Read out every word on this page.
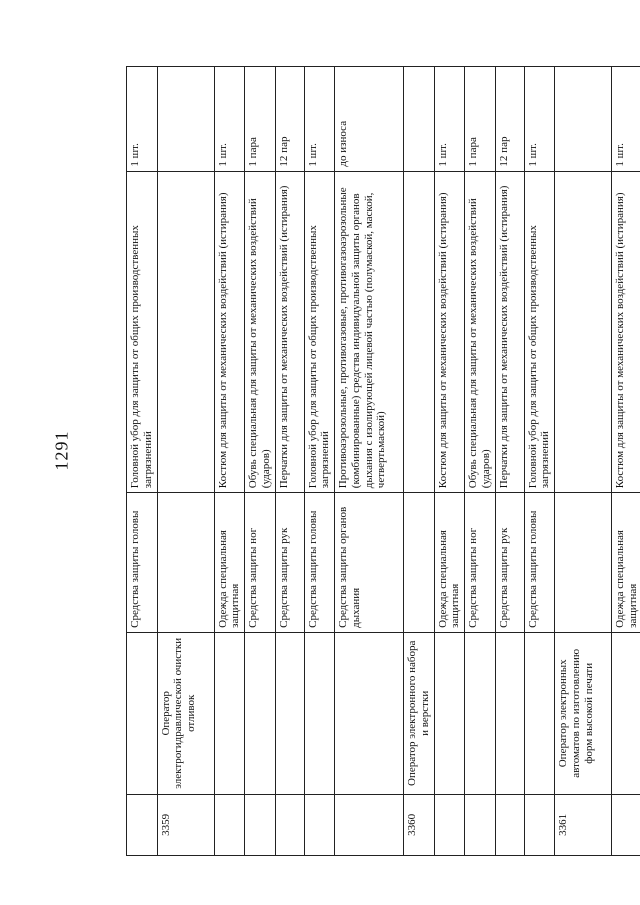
1291
		Средства защиты головы	Головной убор для защиты от общих производственных загрязнений	1 шт.
3359	Оператор электрогидравлической очистки отливок			
		Одежда специальная защитная	Костюм для защиты от механических воздействий (истирания)	1 шт.
		Средства защиты ног	Обувь специальная для защиты от механических воздействий (ударов)	1 пара
		Средства защиты рук	Перчатки для защиты от механических воздействий (истирания)	12 пар
		Средства защиты головы	Головной убор для защиты от общих производственных загрязнений	1 шт.
		Средства защиты органов дыхания	Противоаэрозольные, противогазовые, противогазоаэрозольные (комбинированные) средства индивидуальной защиты органов дыхания с изолирующей лицевой частью (полумаской, маской, четвертьмаской)	до износа
3360	Оператор электронного набора и верстки			
		Одежда специальная защитная	Костюм для защиты от механических воздействий (истирания)	1 шт.
		Средства защиты ног	Обувь специальная для защиты от механических воздействий (ударов)	1 пара
		Средства защиты рук	Перчатки для защиты от механических воздействий (истирания)	12 пар
		Средства защиты головы	Головной убор для защиты от общих производственных загрязнений	1 шт.
3361	Оператор электронных автоматов по изготовлению форм высокой печати			
		Одежда специальная защитная	Костюм для защиты от механических воздействий (истирания)	1 шт.
